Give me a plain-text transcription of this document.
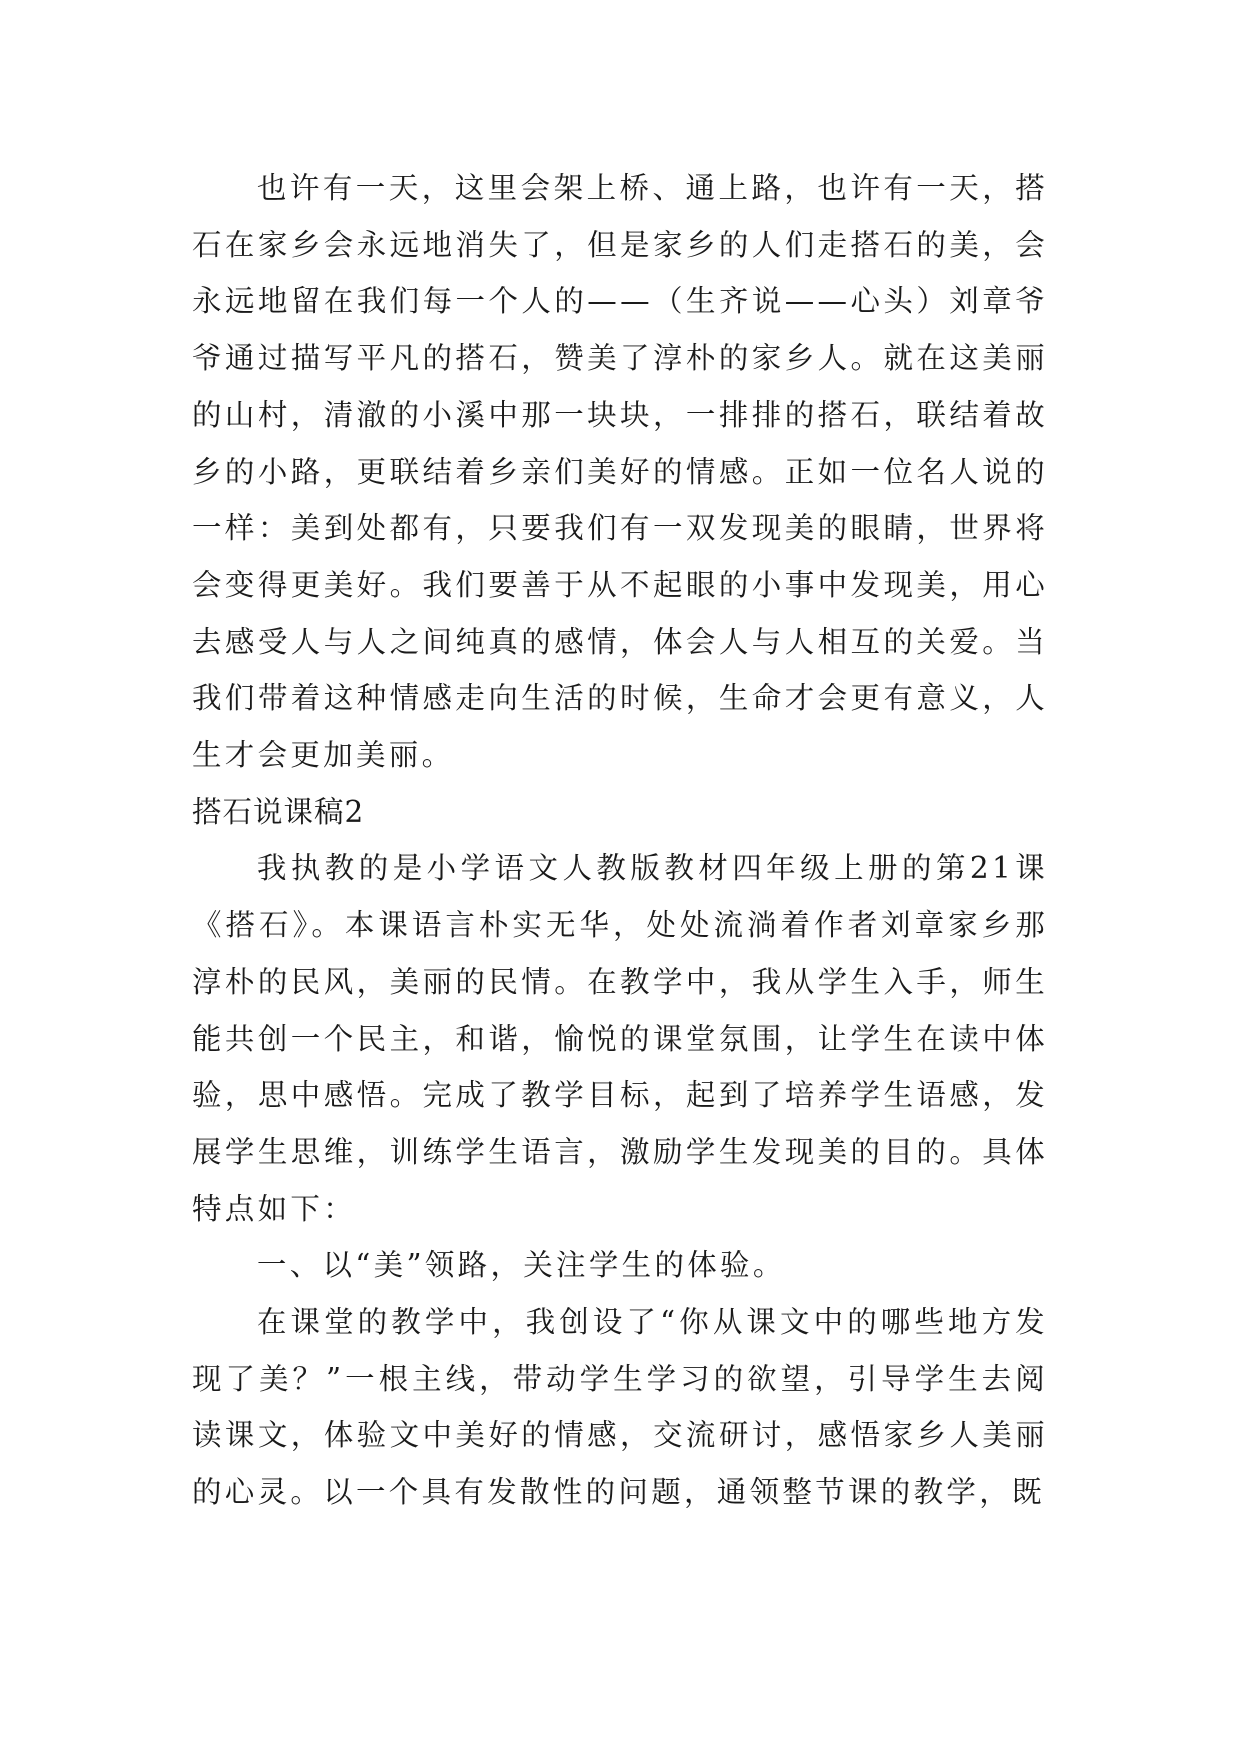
也许有一天，这里会架上桥、通上路，也许有一天，搭石在家乡会永远地消失了，但是家乡的人们走搭石的美，会永远地留在我们每一个人的——（生齐说——心头）刘章爷爷通过描写平凡的搭石，赞美了淳朴的家乡人。就在这美丽的山村，清澈的小溪中那一块块，一排排的搭石，联结着故乡的小路，更联结着乡亲们美好的情感。正如一位名人说的一样：美到处都有，只要我们有一双发现美的眼睛，世界将会变得更美好。我们要善于从不起眼的小事中发现美，用心去感受人与人之间纯真的感情，体会人与人相互的关爱。当我们带着这种情感走向生活的时候，生命才会更有意义，人生才会更加美丽。

搭石说课稿2

我执教的是小学语文人教版教材四年级上册的第21课《搭石》。本课语言朴实无华，处处流淌着作者刘章家乡那淳朴的民风，美丽的民情。在教学中，我从学生入手，师生能共创一个民主，和谐，愉悦的课堂氛围，让学生在读中体验，思中感悟。完成了教学目标，起到了培养学生语感，发展学生思维，训练学生语言，激励学生发现美的目的。具体特点如下：

一、以“美”领路，关注学生的体验。

在课堂的教学中，我创设了“你从课文中的哪些地方发现了美？”一根主线，带动学生学习的欲望，引导学生去阅读课文，体验文中美好的情感，交流研讨，感悟家乡人美丽的心灵。以一个具有发散性的问题，通领整节课的教学，既
